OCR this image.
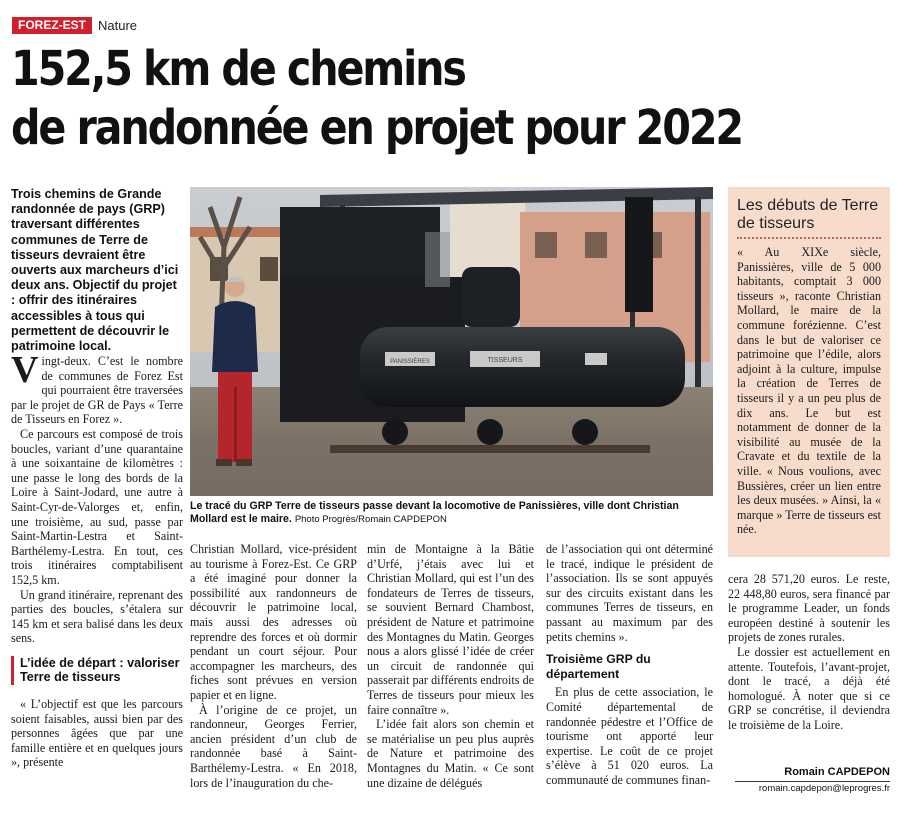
FOREZ-EST Nature
152,5 km de chemins
de randonnée en projet pour 2022
Trois chemins de Grande randonnée de pays (GRP) traversant différentes communes de Terre de tisseurs devraient être ouverts aux marcheurs d’ici deux ans. Objectif du projet : offrir des itinéraires accessibles à tous qui permettent de découvrir le patrimoine local.

Vingt-deux. C’est le nombre de communes de Forez Est qui pourraient être traversées par le projet de GR de Pays « Terre de Tisseurs en Forez ».

Ce parcours est composé de trois boucles, variant d’une quarantaine à une soixantaine de kilomètres : une passe le long des bords de la Loire à Saint-Jodard, une autre à Saint-Cyr-de-Valorges et, enfin, une troisième, au sud, passe par Saint-Martin-Lestra et Saint-Barthélemy-Lestra. En tout, ces trois itinéraires comptabilisent 152,5 km.

Un grand itinéraire, reprenant des parties des boucles, s’étalera sur 145 km et sera balisé dans les deux sens.

L’idée de départ : valoriser Terre de tisseurs

« L’objectif est que les parcours soient faisables, aussi bien par des personnes âgées que par une famille entière et en quelques jours », présente

PANISSIÈRES	TISSEURS
Le tracé du GRP Terre de tisseurs passe devant la locomotive de Panissières, ville dont Christian Mollard est le maire. Photo Progrès/Romain CAPDEPON
Les débuts de Terre de tisseurs
« Au XIXe siècle, Panissières, ville de 5 000 habitants, comptait 3 000 tisseurs », raconte Christian Mollard, le maire de la commune forézienne. C’est dans le but de valoriser ce patrimoine que l’édile, alors adjoint à la culture, impulse la création de Terres de tisseurs il y a un peu plus de dix ans. Le but est notamment de donner de la visibilité au musée de la Cravate et du textile de la ville. « Nous voulions, avec Bussières, créer un lien entre les deux musées. » Ainsi, la « marque » Terre de tisseurs est née.

Christian Mollard, vice-président au tourisme à Forez-Est. Ce GRP a été imaginé pour donner la possibilité aux randonneurs de découvrir le patrimoine local, mais aussi des adresses où reprendre des forces et où dormir pendant un court séjour. Pour accompagner les marcheurs, des fiches sont prévues en version papier et en ligne.

À l’origine de ce projet, un randonneur, Georges Ferrier, ancien président d’un club de randonnée basé à Saint-Barthélemy-Lestra. « En 2018, lors de l’inauguration du che-

min de Montaigne à la Bâtie d’Urfé, j’étais avec lui et Christian Mollard, qui est l’un des fondateurs de Terres de tisseurs, se souvient Bernard Chambost, président de Nature et patrimoine des Montagnes du Matin. Georges nous a alors glissé l’idée de créer un circuit de randonnée qui passerait par différents endroits de Terres de tisseurs pour mieux les faire connaître ».

L’idée fait alors son chemin et se matérialise un peu plus auprès de Nature et patrimoine des Montagnes du Matin. « Ce sont une dizaine de délégués

de l’association qui ont déterminé le tracé, indique le président de l’association. Ils se sont appuyés sur des circuits existant dans les communes Terres de tisseurs, en passant au maximum par des petits chemins ».

Troisième GRP du département

En plus de cette association, le Comité départemental de randonnée pédestre et l’Office de tourisme ont apporté leur expertise. Le coût de ce projet s’élève à 51 020 euros. La communauté de communes finan-

cera 28 571,20 euros. Le reste, 22 448,80 euros, sera financé par le programme Leader, un fonds européen destiné à soutenir les projets de zones rurales.

Le dossier est actuellement en attente. Toutefois, l’avant-projet, dont le tracé, a déjà été homologué. À noter que si ce GRP se concrétise, il deviendra le troisième de la Loire.

Romain CAPDEPON
romain.capdepon@leprogres.fr
